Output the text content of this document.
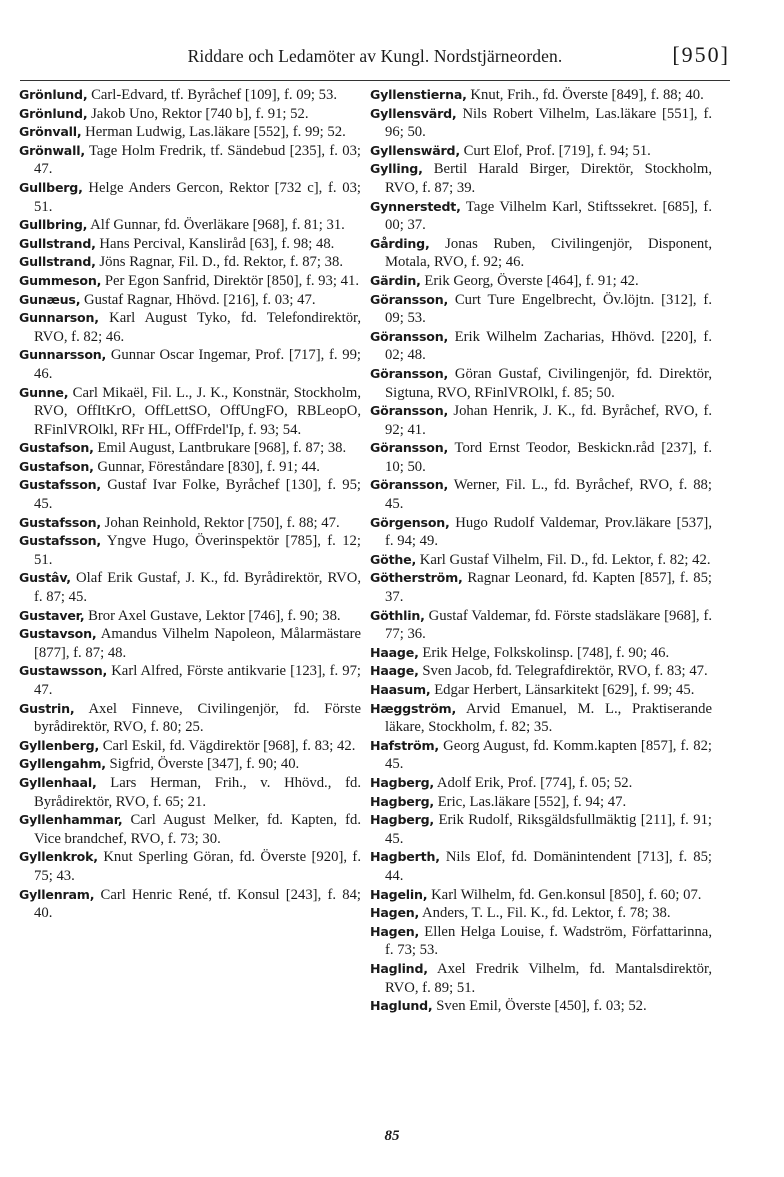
Riddare och Ledamöter av Kungl. Nordstjärneorden.	[950]

Grönlund, Carl-Edvard, tf. Byråchef [109], f. 09; 53.

Grönlund, Jakob Uno, Rektor [740 b], f. 91; 52.

Grönvall, Herman Ludwig, Las.läkare [552], f. 99; 52.

Grönwall, Tage Holm Fredrik, tf. Sändebud [235], f. 03; 47.

Gullberg, Helge Anders Gercon, Rektor [732 c], f. 03; 51.

Gullbring, Alf Gunnar, fd. Överläkare [968], f. 81; 31.

Gullstrand, Hans Percival, Kansliråd [63], f. 98; 48.

Gullstrand, Jöns Ragnar, Fil. D., fd. Rektor, f. 87; 38.

Gummeson, Per Egon Sanfrid, Direktör [850], f. 93; 41.

Gunæus, Gustaf Ragnar, Hhövd. [216], f. 03; 47.

Gunnarson, Karl August Tyko, fd. Telefondirektör, RVO, f. 82; 46.

Gunnarsson, Gunnar Oscar Ingemar, Prof. [717], f. 99; 46.

Gunne, Carl Mikaël, Fil. L., J. K., Konstnär, Stockholm, RVO, OffItKrO, OffLettSO, OffUngFO, RBLeopO, RFinlVROlkl, RFr HL, OffFrdel'Ip, f. 93; 54.

Gustafson, Emil August, Lantbrukare [968], f. 87; 38.

Gustafson, Gunnar, Föreståndare [830], f. 91; 44.

Gustafsson, Gustaf Ivar Folke, Byråchef [130], f. 95; 45.

Gustafsson, Johan Reinhold, Rektor [750], f. 88; 47.

Gustafsson, Yngve Hugo, Överinspektör [785], f. 12; 51.

Gustâv, Olaf Erik Gustaf, J. K., fd. Byrådirektör, RVO, f. 87; 45.

Gustaver, Bror Axel Gustave, Lektor [746], f. 90; 38.

Gustavson, Amandus Vilhelm Napoleon, Målarmästare [877], f. 87; 48.

Gustawsson, Karl Alfred, Förste antikvarie [123], f. 97; 47.

Gustrin, Axel Finneve, Civilingenjör, fd. Förste byrådirektör, RVO, f. 80; 25.

Gyllenberg, Carl Eskil, fd. Vägdirektör [968], f. 83; 42.

Gyllengahm, Sigfrid, Överste [347], f. 90; 40.

Gyllenhaal, Lars Herman, Frih., v. Hhövd., fd. Byrådirektör, RVO, f. 65; 21.

Gyllenhammar, Carl August Melker, fd. Kapten, fd. Vice brandchef, RVO, f. 73; 30.

Gyllenkrok, Knut Sperling Göran, fd. Överste [920], f. 75; 43.

Gyllenram, Carl Henric René, tf. Konsul [243], f. 84; 40.

Gyllenstierna, Knut, Frih., fd. Överste [849], f. 88; 40.

Gyllensvärd, Nils Robert Vilhelm, Las.läkare [551], f. 96; 50.

Gyllenswärd, Curt Elof, Prof. [719], f. 94; 51.

Gylling, Bertil Harald Birger, Direktör, Stockholm, RVO, f. 87; 39.

Gynnerstedt, Tage Vilhelm Karl, Stiftssekret. [685], f. 00; 37.

Gårding, Jonas Ruben, Civilingenjör, Disponent, Motala, RVO, f. 92; 46.

Gärdin, Erik Georg, Överste [464], f. 91; 42.

Göransson, Curt Ture Engelbrecht, Öv.löjtn. [312], f. 09; 53.

Göransson, Erik Wilhelm Zacharias, Hhövd. [220], f. 02; 48.

Göransson, Göran Gustaf, Civilingenjör, fd. Direktör, Sigtuna, RVO, RFinlVROlkl, f. 85; 50.

Göransson, Johan Henrik, J. K., fd. Byråchef, RVO, f. 92; 41.

Göransson, Tord Ernst Teodor, Beskickn.råd [237], f. 10; 50.

Göransson, Werner, Fil. L., fd. Byråchef, RVO, f. 88; 45.

Görgenson, Hugo Rudolf Valdemar, Prov.läkare [537], f. 94; 49.

Göthe, Karl Gustaf Vilhelm, Fil. D., fd. Lektor, f. 82; 42.

Götherström, Ragnar Leonard, fd. Kapten [857], f. 85; 37.

Göthlin, Gustaf Valdemar, fd. Förste stadsläkare [968], f. 77; 36.

Haage, Erik Helge, Folkskolinsp. [748], f. 90; 46.

Haage, Sven Jacob, fd. Telegrafdirektör, RVO, f. 83; 47.

Haasum, Edgar Herbert, Länsarkitekt [629], f. 99; 45.

Hæggström, Arvid Emanuel, M. L., Praktiserande läkare, Stockholm, f. 82; 35.

Hafström, Georg August, fd. Komm.kapten [857], f. 82; 45.

Hagberg, Adolf Erik, Prof. [774], f. 05; 52.

Hagberg, Eric, Las.läkare [552], f. 94; 47.

Hagberg, Erik Rudolf, Riksgäldsfullmäktig [211], f. 91; 45.

Hagberth, Nils Elof, fd. Domänintendent [713], f. 85; 44.

Hagelin, Karl Wilhelm, fd. Gen.konsul [850], f. 60; 07.

Hagen, Anders, T. L., Fil. K., fd. Lektor, f. 78; 38.

Hagen, Ellen Helga Louise, f. Wadström, Författarinna, f. 73; 53.

Haglind, Axel Fredrik Vilhelm, fd. Mantalsdirektör, RVO, f. 89; 51.

Haglund, Sven Emil, Överste [450], f. 03; 52.

85
